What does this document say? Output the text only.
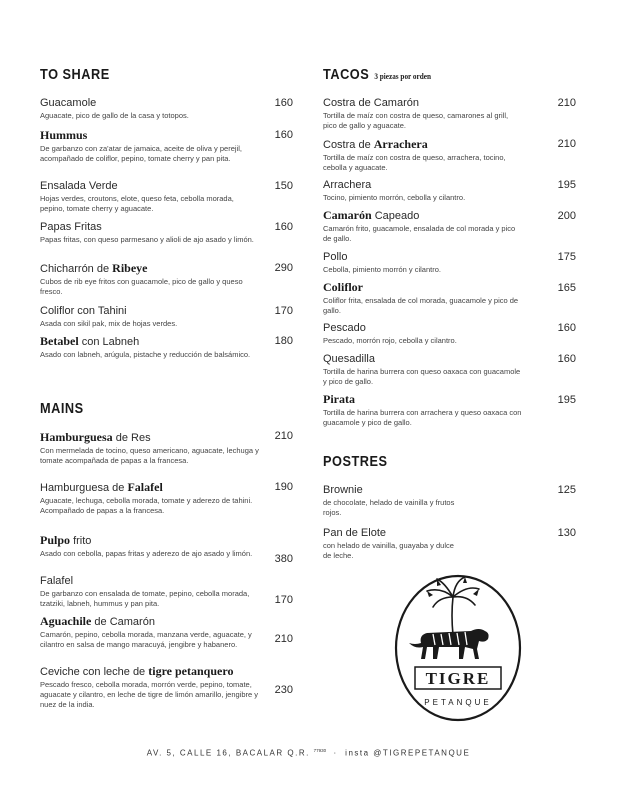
TO SHARE
Guacamole
Aguacate, pico de gallo de la casa y totopos.
160
Hummus
De garbanzo con za'atar de jamaica, aceite de oliva y perejil, acompañado de coliflor, pepino, tomate cherry y pan pita.
160
Ensalada Verde
Hojas verdes, croutons, elote, queso feta, cebolla morada, pepino, tomate cherry y aguacate.
150
Papas Fritas
Papas fritas, con queso parmesano y alioli de ajo asado y limón.
160
Chicharrón de Ribeye
Cubos de rib eye fritos con guacamole, pico de gallo y queso fresco.
290
Coliflor con Tahini
Asada con sikil pak, mix de hojas verdes.
170
Betabel con Labneh
Asado con labneh, arúgula, pistache y reducción de balsámico.
180
MAINS
Hamburguesa de Res
Con mermelada de tocino, queso americano, aguacate, lechuga y tomate acompañada de papas a la francesa.
210
Hamburguesa de Falafel
Aguacate, lechuga, cebolla morada, tomate y aderezo de tahini. Acompañado de papas a la francesa.
190
Pulpo frito
Asado con cebolla, papas fritas y aderezo de ajo asado y limón.	380
Falafel
De garbanzo con ensalada de tomate, pepino, cebolla morada, tzatziki, labneh, hummus y pan pita.	170
Aguachile de Camarón
Camarón, pepino, cebolla morada, manzana verde, aguacate, y cilantro en salsa de mango maracuyá, jengibre y habanero.	210
Ceviche con leche de tigre petanquero
Pescado fresco, cebolla morada, morrón verde, pepino, tomate, aguacate y cilantro, en leche de tigre de limón amarillo, jengibre y nuez de la india.
230
TACOS 3 piezas por orden
Costra de Camarón
Tortilla de maíz con costra de queso, camarones al grill, pico de gallo y aguacate.
210
Costra de Arrachera
Tortilla de maíz con costra de queso, arrachera, tocino, cebolla y aguacate.
210
Arrachera
Tocino, pimiento morrón, cebolla y cilantro.
195
Camarón Capeado
Camarón frito, guacamole, ensalada de col morada y pico de gallo.
200
Pollo
Cebolla, pimiento morrón y cilantro.
175
Coliflor
Coliflor frita, ensalada de col morada, guacamole y pico de gallo.
165
Pescado
Pescado, morrón rojo, cebolla y cilantro.
160
Quesadilla
Tortilla de harina burrera con queso oaxaca con guacamole y pico de gallo.
160
Pirata
Tortilla de harina burrera con arrachera y queso oaxaca con guacamole y pico de gallo.
195
POSTRES
Brownie
de chocolate, helado de vainilla y frutos rojos.
125
Pan de Elote
con helado de vainilla, guayaba y dulce de leche.
130
TIGRE
PETANQUE
AV. 5, CALLE 16, BACALAR Q.R. $^{77930}$ · insta @TIGREPETANQUE
